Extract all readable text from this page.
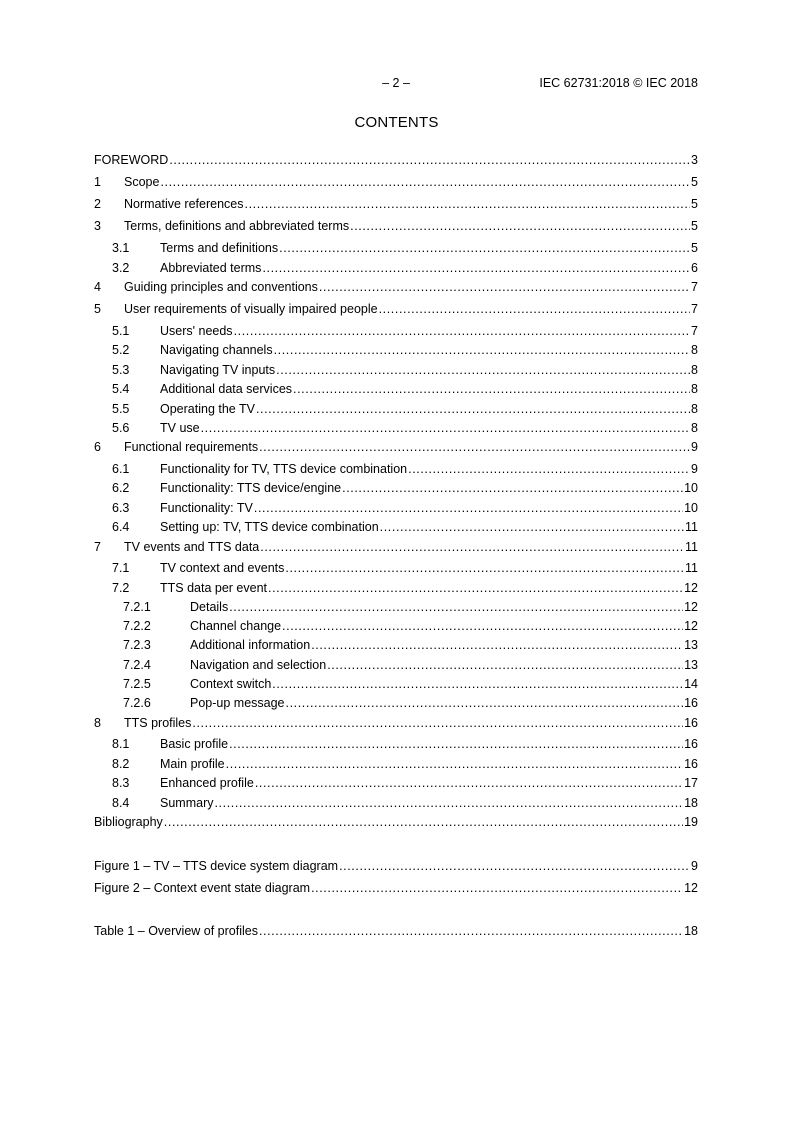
– 2 –	IEC 62731:2018 © IEC 2018
CONTENTS
FOREWORD .....	3
1	Scope .....	5
2	Normative references .....	5
3	Terms, definitions and abbreviated terms .....	5
3.1	Terms and definitions .....	5
3.2	Abbreviated terms .....	6
4	Guiding principles and conventions .....	7
5	User requirements of visually impaired people .....	7
5.1	Users' needs .....	7
5.2	Navigating channels .....	8
5.3	Navigating TV inputs .....	8
5.4	Additional data services .....	8
5.5	Operating the TV .....	8
5.6	TV use .....	8
6	Functional requirements .....	9
6.1	Functionality for TV, TTS device combination .....	9
6.2	Functionality: TTS device/engine .....	10
6.3	Functionality: TV .....	10
6.4	Setting up: TV, TTS device combination .....	11
7	TV events and TTS data .....	11
7.1	TV context and events .....	11
7.2	TTS data per event .....	12
7.2.1	Details .....	12
7.2.2	Channel change .....	12
7.2.3	Additional information .....	13
7.2.4	Navigation and selection .....	13
7.2.5	Context switch .....	14
7.2.6	Pop-up message .....	16
8	TTS profiles .....	16
8.1	Basic profile .....	16
8.2	Main profile .....	16
8.3	Enhanced profile .....	17
8.4	Summary .....	18
Bibliography .....	19
Figure 1 – TV – TTS device system diagram .....	9
Figure 2 – Context event state diagram .....	12
Table 1 – Overview of profiles .....	18
